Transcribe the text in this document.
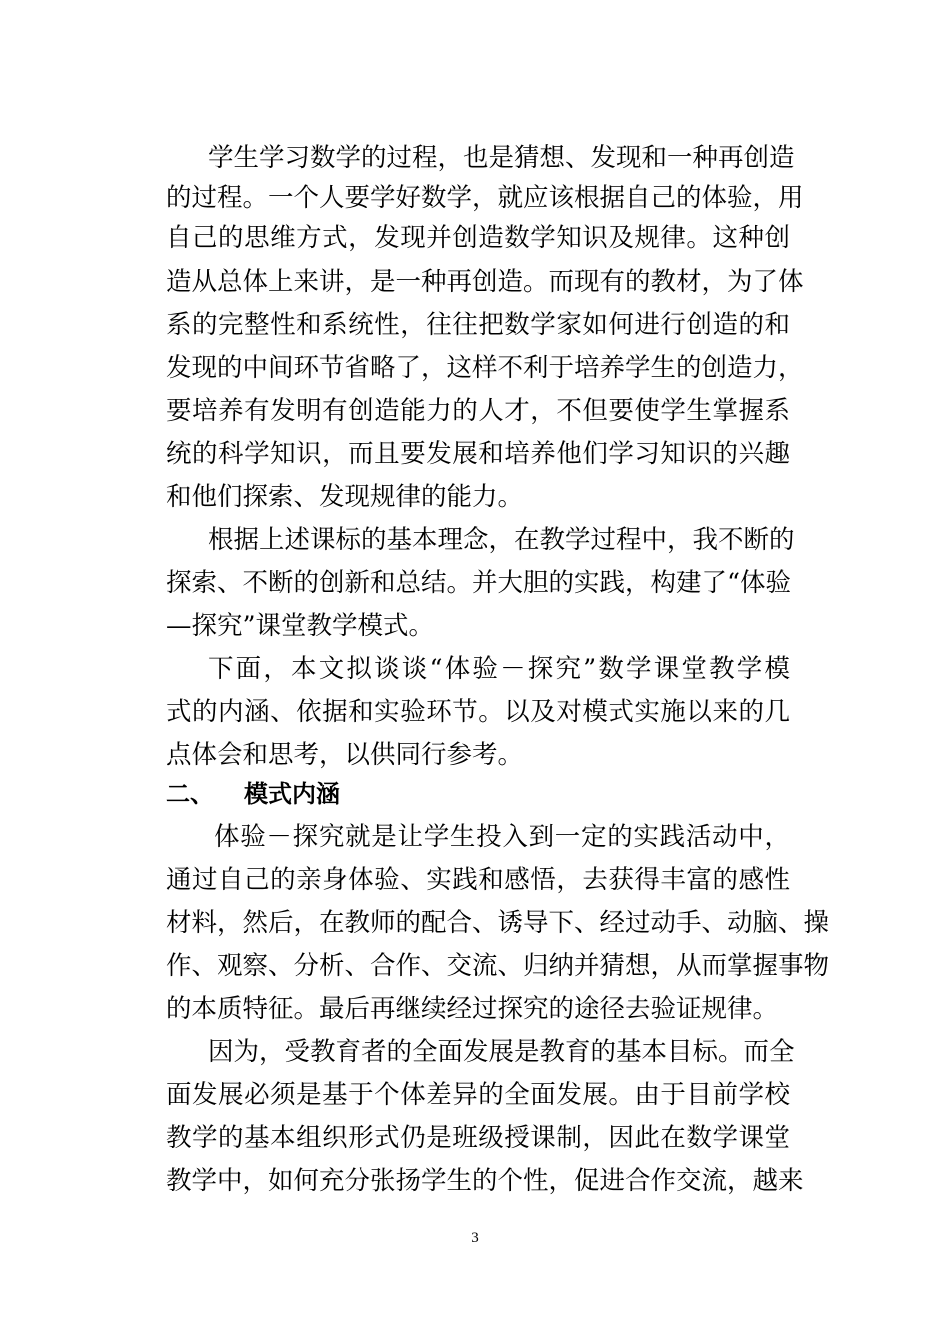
学生学习数学的过程，也是猜想、发现和一种再创造
的过程。一个人要学好数学，就应该根据自己的体验，用
自己的思维方式，发现并创造数学知识及规律。这种创
造从总体上来讲，是一种再创造。而现有的教材，为了体
系的完整性和系统性，往往把数学家如何进行创造的和
发现的中间环节省略了，这样不利于培养学生的创造力，
要培养有发明有创造能力的人才，不但要使学生掌握系
统的科学知识，而且要发展和培养他们学习知识的兴趣
和他们探索、发现规律的能力。
根据上述课标的基本理念，在教学过程中，我不断的
探索、不断的创新和总结。并大胆的实践，构建了“体验
—探究”课堂教学模式。
下面，本文拟谈谈“体验－探究”数学课堂教学模
式的内涵、依据和实验环节。以及对模式实施以来的几
点体会和思考，以供同行参考。
二、 模式内涵
体验－探究就是让学生投入到一定的实践活动中，
通过自己的亲身体验、实践和感悟，去获得丰富的感性
材料，然后，在教师的配合、诱导下、经过动手、动脑、操
作、观察、分析、合作、交流、归纳并猜想，从而掌握事物
的本质特征。最后再继续经过探究的途径去验证规律。
因为，受教育者的全面发展是教育的基本目标。而全
面发展必须是基于个体差异的全面发展。由于目前学校
教学的基本组织形式仍是班级授课制，因此在数学课堂
教学中，如何充分张扬学生的个性，促进合作交流，越来
3
